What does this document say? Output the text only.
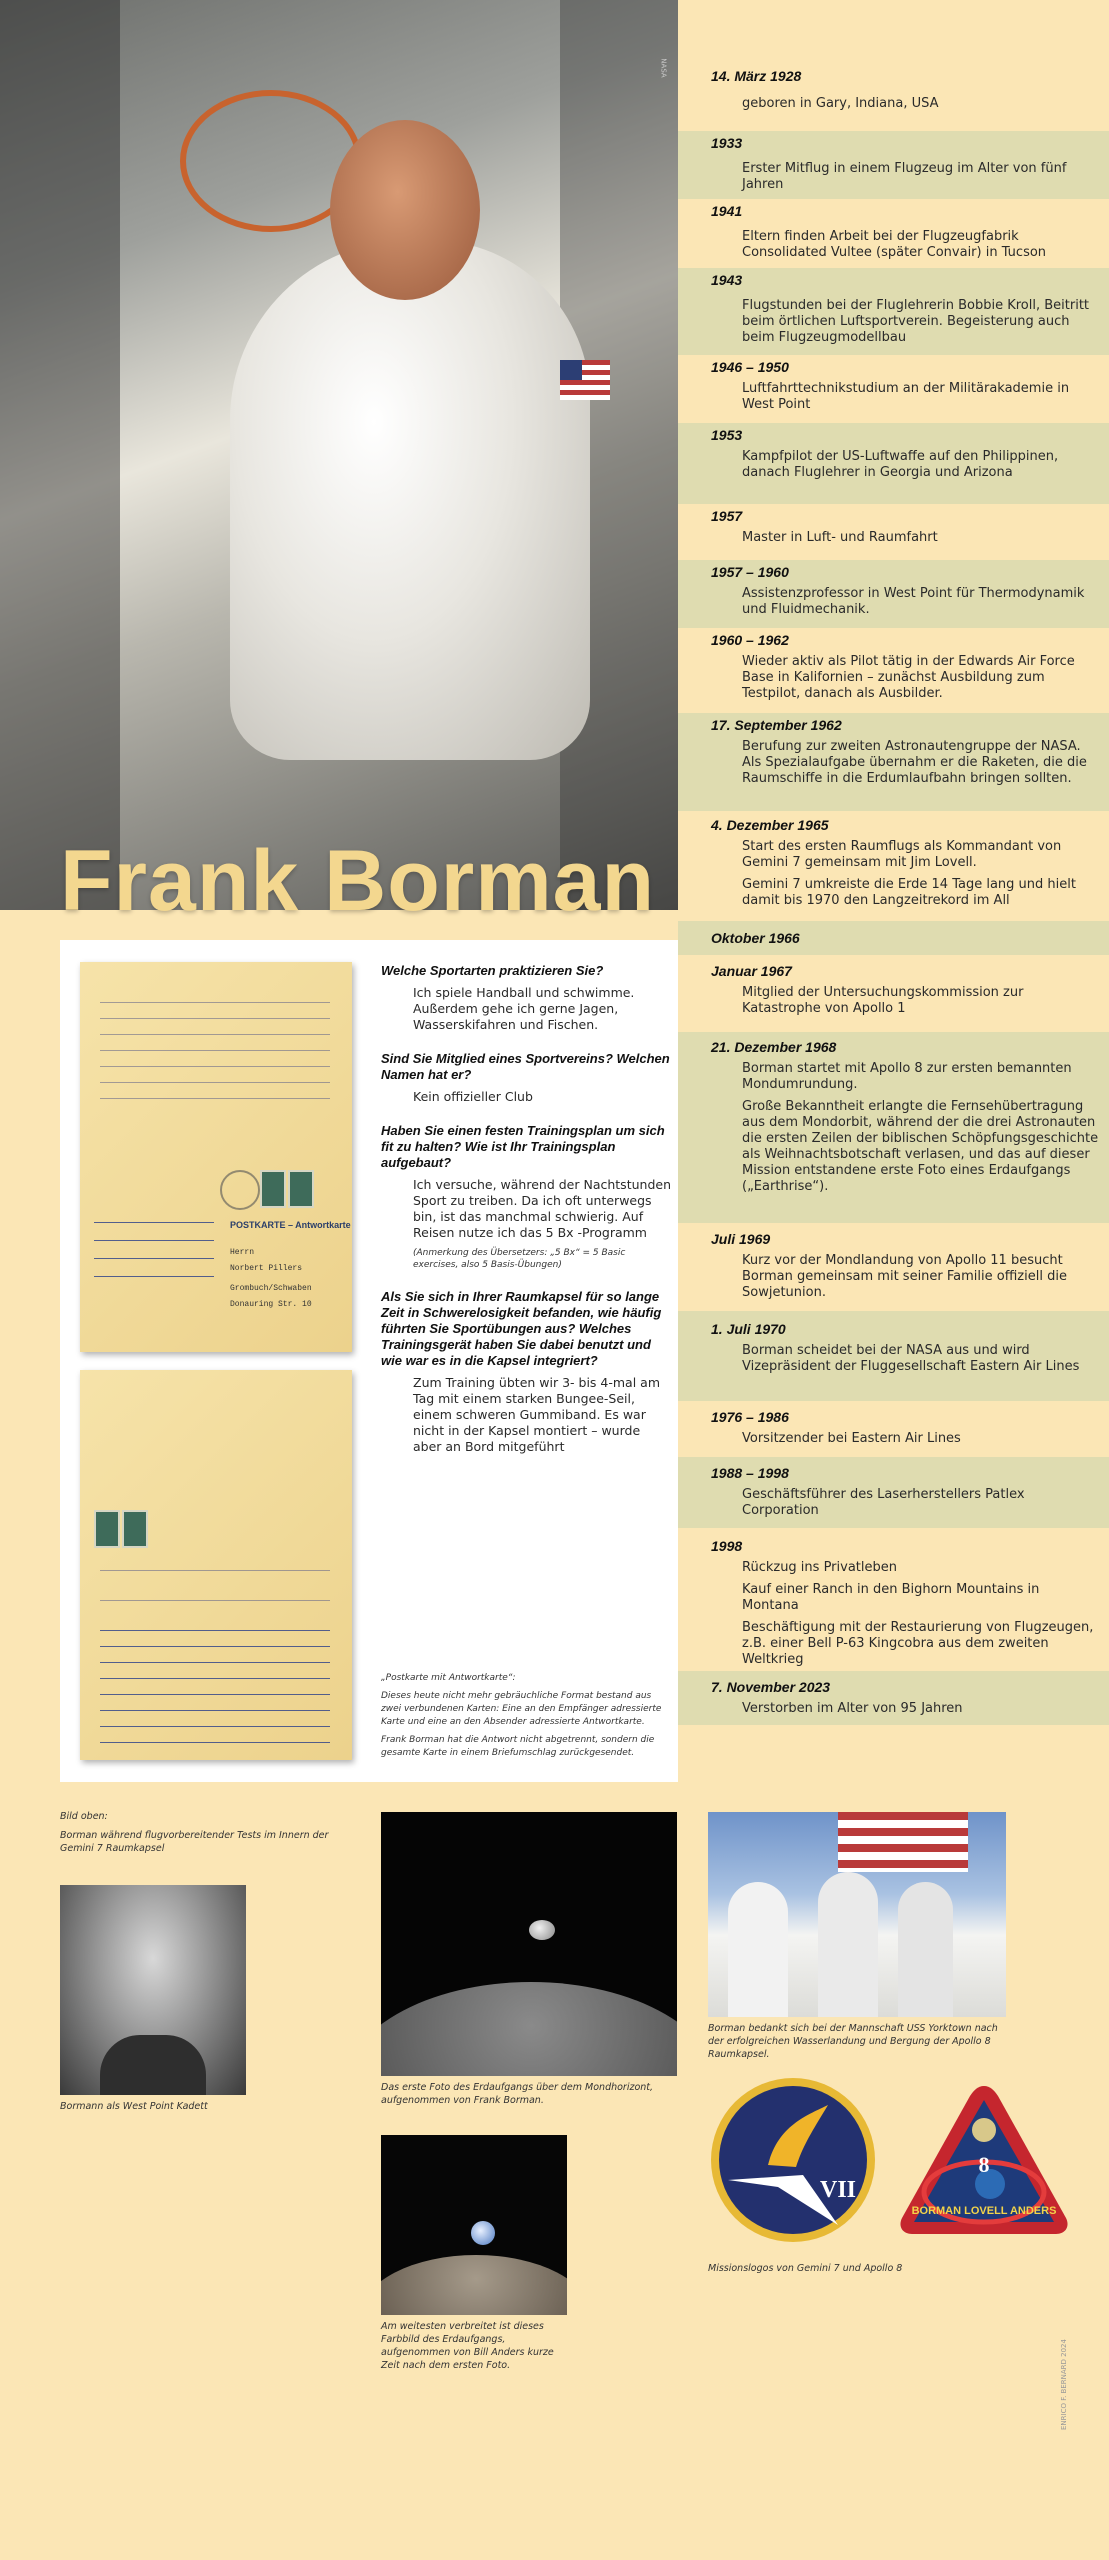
NASA
Frank Borman
14. März 1928
geboren in Gary, Indiana, USA
1933
Erster Mitflug in einem Flugzeug im Alter von fünf Jahren
1941
Eltern finden Arbeit bei der Flugzeugfabrik Consolidated Vultee (später Convair) in Tucson
1943
Flugstunden bei der Fluglehrerin Bobbie Kroll, Beitritt beim örtlichen Luftsportverein. Begeisterung auch beim Flugzeugmodellbau
1946 – 1950
Luftfahrttechnikstudium an der Militärakademie in West Point
1953
Kampfpilot der US-Luftwaffe auf den Philippinen, danach Fluglehrer in Georgia und Arizona
1957
Master in Luft- und Raumfahrt
1957 – 1960
Assistenzprofessor in West Point für Thermodynamik und Fluidmechanik.
1960 – 1962
Wieder aktiv als Pilot tätig in der Edwards Air Force Base in Kalifornien – zunächst Ausbildung zum Testpilot, danach als Ausbilder.
17. September 1962
Berufung zur zweiten Astronautengruppe der NASA. Als Spezialaufgabe übernahm er die Raketen, die die Raumschiffe in die Erdumlaufbahn bringen sollten.
4. Dezember 1965
Start des ersten Raumflugs als Kommandant von Gemini 7 gemeinsam mit Jim Lovell.
Gemini 7 umkreiste die Erde 14 Tage lang und hielt damit bis 1970 den Langzeitrekord im All
Oktober 1966
Januar 1967
Mitglied der Untersuchungskommission zur Katastrophe von Apollo 1
21. Dezember 1968
Borman startet mit Apollo 8 zur ersten bemannten Mondumrundung.
Große Bekanntheit erlangte die Fernsehübertragung aus dem Mondorbit, während der die drei Astronauten die ersten Zeilen der biblischen Schöpfungsgeschichte als Weihnachtsbotschaft verlasen, und das auf dieser Mission entstandene erste Foto eines Erdaufgangs („Earthrise“).
Juli 1969
Kurz vor der Mondlandung von Apollo 11 besucht Borman gemeinsam mit seiner Familie offiziell die Sowjetunion.
1. Juli 1970
Borman scheidet bei der NASA aus und wird Vizepräsident der Fluggesellschaft Eastern Air Lines
1976 – 1986
Vorsitzender bei Eastern Air Lines
1988 – 1998
Geschäftsführer des Laserherstellers Patlex Corporation
1998
Rückzug ins Privatleben
Kauf einer Ranch in den Bighorn Mountains in Montana
Beschäftigung mit der Restaurierung von Flugzeugen, z.B. einer Bell P-63 Kingcobra aus dem zweiten Weltkrieg
7. November 2023
Verstorben im Alter von 95 Jahren
POSTKARTE – Antwortkarte
Herrn
Norbert Pillers
Grombuch/Schwaben
Donauring Str. 10
Welche Sportarten praktizieren Sie?
Ich spiele Handball und schwimme. Außerdem gehe ich gerne Jagen, Wasserskifahren und Fischen.
Sind Sie Mitglied eines Sportvereins? Welchen Namen hat er?
Kein offizieller Club
Haben Sie einen festen Trainingsplan um sich fit zu halten? Wie ist Ihr Trainingsplan aufgebaut?
Ich versuche, während der Nachtstunden Sport zu treiben. Da ich oft unterwegs bin, ist das manchmal schwierig. Auf Reisen nutze ich das 5 Bx -Programm
(Anmerkung des Übersetzers: „5 Bx“ = 5 Basic exercises, also 5 Basis-Übungen)
Als Sie sich in Ihrer Raumkapsel für so lange Zeit in Schwerelosigkeit befanden, wie häufig führten Sie Sportübungen aus? Welches Trainingsgerät haben Sie dabei benutzt und wie war es in die Kapsel integriert?
Zum Training übten wir 3- bis 4-mal am Tag mit einem starken Bungee-Seil, einem schweren Gummiband. Es war nicht in der Kapsel montiert – wurde aber an Bord mitgeführt

„Postkarte mit Antwortkarte“:

Dieses heute nicht mehr gebräuchliche Format bestand aus zwei verbundenen Karten: Eine an den Empfänger adressierte Karte und eine an den Absender adressierte Antwortkarte.

Frank Borman hat die Antwort nicht abgetrennt, sondern die gesamte Karte in einem Briefumschlag zurückgesendet.

Bild oben:
Borman während flugvorbereitender Tests im Innern der Gemini 7 Raumkapsel
Bormann als West Point Kadett
Das erste Foto des Erdaufgangs über dem Mondhorizont, aufgenommen von Frank Borman.
Am weitesten verbreitet ist dieses Farbbild des Erdaufgangs, aufgenommen von Bill Anders kurze Zeit nach dem ersten Foto.
Borman bedankt sich bei der Mannschaft USS Yorktown nach der erfolgreichen Wasserlandung und Bergung der Apollo 8 Raumkapsel.
VII
BORMAN LOVELL ANDERS
8
Missionslogos von Gemini 7 und Apollo 8
ENRICO F. BERNARD 2024
